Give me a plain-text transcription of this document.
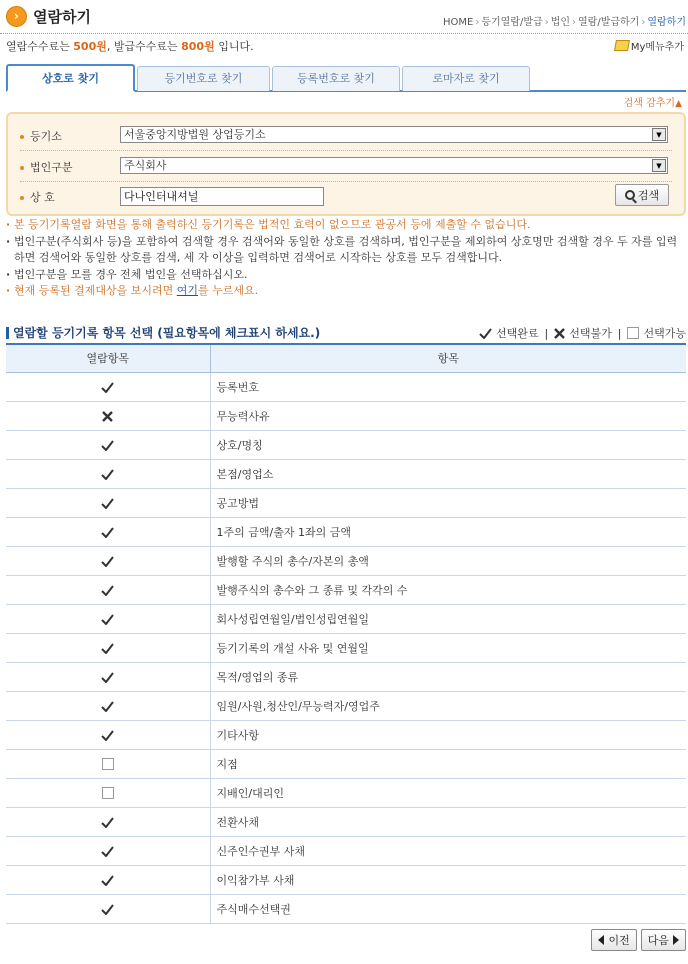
› 열람하기	HOME › 등기열람/발급 › 법인 › 열람/발급하기 › 열람하기
열람수수료는 500원, 발급수수료는 800원 입니다.	My메뉴추가
상호로 찾기	등기번호로 찾기	등록번호로 찾기	로마자로 찾기
검색 감추기▲
등기소	서울중앙지방법원 상업등기소	▼
법인구분	주식회사	▼
상 호	다나인터내셔널	검색
· 본 등기기록열람 화면을 통해 출력하신 등기기록은 법적인 효력이 없으므로 관공서 등에 제출할 수 없습니다.
· 법인구분(주식회사 등)을 포함하여 검색할 경우 검색어와 동일한 상호를 검색하며, 법인구분을 제외하여 상호명만 검색할 경우 두 자를 입력하면 검색어와 동일한 상호를 검색, 세 자 이상을 입력하면 검색어로 시작하는 상호를 모두 검색합니다.
· 법인구분을 모를 경우 전체 법인을 선택하십시오.
· 현재 등록된 결제대상을 보시려면 여기를 누르세요.
열람할 등기기록 항목 선택 (필요항목에 체크표시 하세요.)	선택완료 | 선택불가 | 선택가능
열람항목	항목
	등록번호
	무능력사유
	상호/명칭
	본점/영업소
	공고방법
	1주의 금액/출자 1좌의 금액
	발행할 주식의 총수/자본의 총액
	발행주식의 총수와 그 종류 및 각각의 수
	회사성립연월일/법인성립연월일
	등기기록의 개설 사유 및 연월일
	목적/영업의 종류
	임원/사원,청산인/무능력자/영업주
	기타사항
	지점
	지배인/대리인
	전환사채
	신주인수권부 사채
	이익참가부 사채
	주식매수선택권
이전 다음
